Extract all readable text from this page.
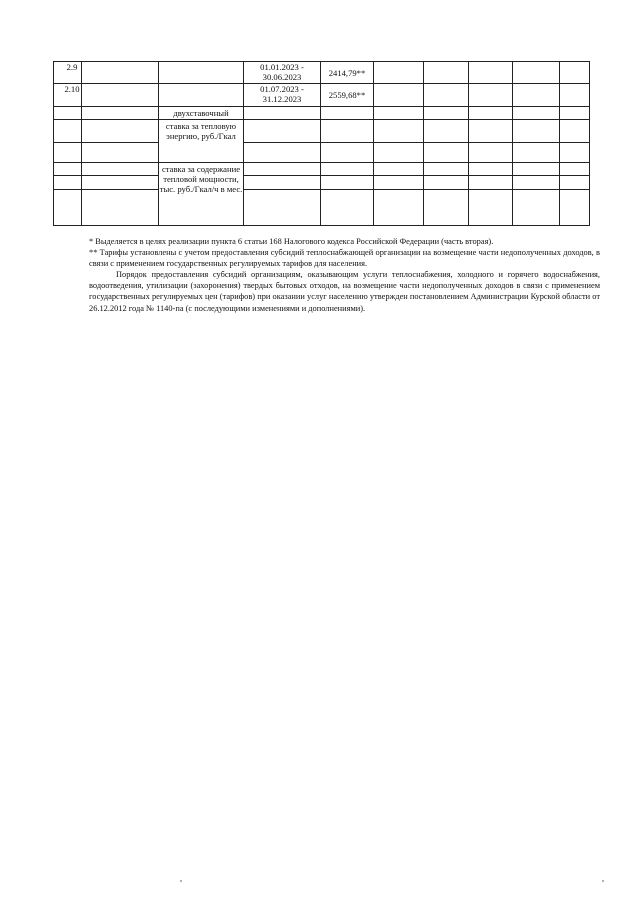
2.9			01.01.2023 - 30.06.2023	2414,79**					
2.10			01.07.2023 - 31.12.2023	2559,68**					
		двухставочный							
		ставка за тепловую энергию, руб./Гкал							

		ставка за содержание тепловой мощности, тыс. руб./Гкал/ч в мес.							

* Выделяется в целях реализации пункта 6 статьи 168 Налогового кодекса Российской Федерации (часть вторая).

** Тарифы установлены с учетом предоставления субсидий теплоснабжающей организации на возмещение части недополученных доходов, в связи с применением государственных регулируемых тарифов для населения.

Порядок предоставления субсидий организациям, оказывающим услуги теплоснабжения, холодного и горячего водоснабжения, водоотведения, утилизации (захоронения) твердых бытовых отходов, на возмещение части недополученных доходов в связи с применением государственных регулируемых цен (тарифов) при оказании услуг населению утвержден постановлением Администрации Курской области от 26.12.2012 года № 1140-па (с последующими изменениями и дополнениями).
